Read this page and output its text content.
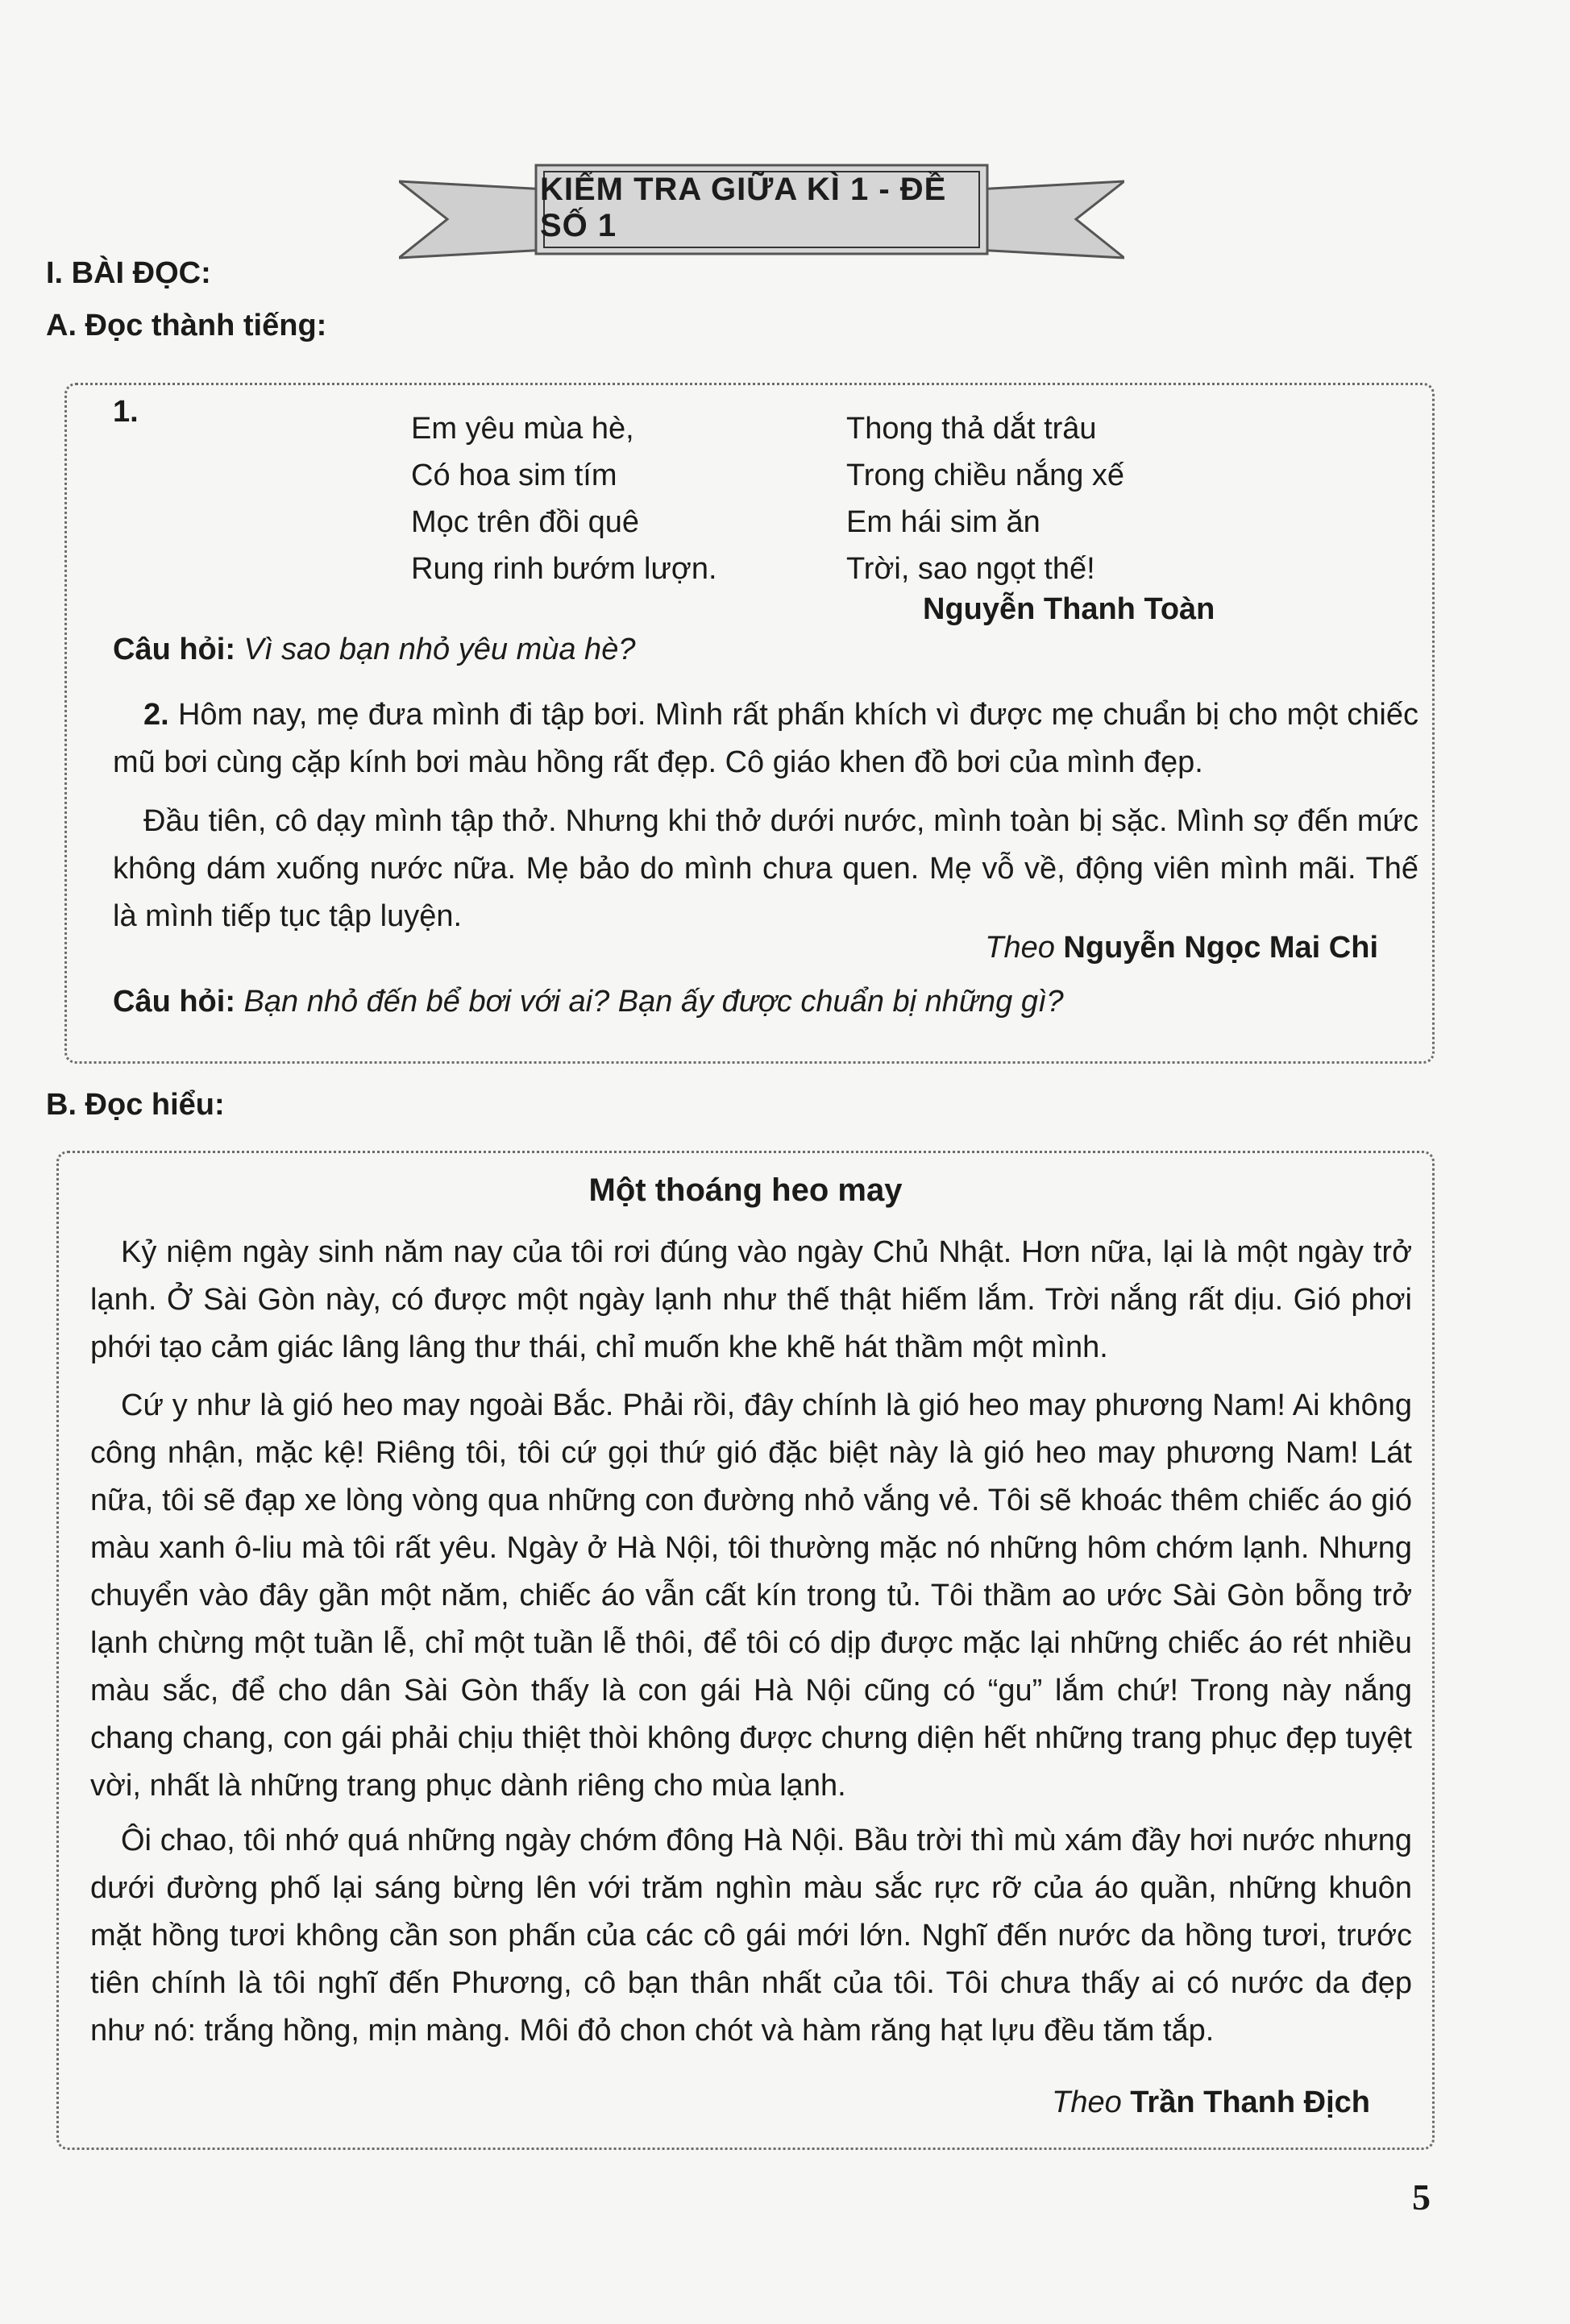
KIỂM TRA GIỮA KÌ 1 - ĐỀ SỐ 1
I. BÀI ĐỌC:
A. Đọc thành tiếng:
1.	Em yêu mùa hè,
Có hoa sim tím
Mọc trên đồi quê
Rung rinh bướm lượn.
Thong thả dắt trâu
Trong chiều nắng xế
Em hái sim ăn
Trời, sao ngọt thế!
Nguyễn Thanh Toàn
Câu hỏi: Vì sao bạn nhỏ yêu mùa hè?

2. Hôm nay, mẹ đưa mình đi tập bơi. Mình rất phấn khích vì được mẹ chuẩn bị cho một chiếc mũ bơi cùng cặp kính bơi màu hồng rất đẹp. Cô giáo khen đồ bơi của mình đẹp.

Đầu tiên, cô dạy mình tập thở. Nhưng khi thở dưới nước, mình toàn bị sặc. Mình sợ đến mức không dám xuống nước nữa. Mẹ bảo do mình chưa quen. Mẹ vỗ về, động viên mình mãi. Thế là mình tiếp tục tập luyện.

Theo Nguyễn Ngọc Mai Chi
Câu hỏi: Bạn nhỏ đến bể bơi với ai? Bạn ấy được chuẩn bị những gì?
B. Đọc hiểu:
Một thoáng heo may

Kỷ niệm ngày sinh năm nay của tôi rơi đúng vào ngày Chủ Nhật. Hơn nữa, lại là một ngày trở lạnh. Ở Sài Gòn này, có được một ngày lạnh như thế thật hiếm lắm. Trời nắng rất dịu. Gió phơi phới tạo cảm giác lâng lâng thư thái, chỉ muốn khe khẽ hát thầm một mình.

Cứ y như là gió heo may ngoài Bắc. Phải rồi, đây chính là gió heo may phương Nam! Ai không công nhận, mặc kệ! Riêng tôi, tôi cứ gọi thứ gió đặc biệt này là gió heo may phương Nam! Lát nữa, tôi sẽ đạp xe lòng vòng qua những con đường nhỏ vắng vẻ. Tôi sẽ khoác thêm chiếc áo gió màu xanh ô-liu mà tôi rất yêu. Ngày ở Hà Nội, tôi thường mặc nó những hôm chớm lạnh. Nhưng chuyển vào đây gần một năm, chiếc áo vẫn cất kín trong tủ. Tôi thầm ao ước Sài Gòn bỗng trở lạnh chừng một tuần lễ, chỉ một tuần lễ thôi, để tôi có dịp được mặc lại những chiếc áo rét nhiều màu sắc, để cho dân Sài Gòn thấy là con gái Hà Nội cũng có “gu” lắm chứ! Trong này nắng chang chang, con gái phải chịu thiệt thòi không được chưng diện hết những trang phục đẹp tuyệt vời, nhất là những trang phục dành riêng cho mùa lạnh.

Ôi chao, tôi nhớ quá những ngày chớm đông Hà Nội. Bầu trời thì mù xám đầy hơi nước nhưng dưới đường phố lại sáng bừng lên với trăm nghìn màu sắc rực rỡ của áo quần, những khuôn mặt hồng tươi không cần son phấn của các cô gái mới lớn. Nghĩ đến nước da hồng tươi, trước tiên chính là tôi nghĩ đến Phương, cô bạn thân nhất của tôi. Tôi chưa thấy ai có nước da đẹp như nó: trắng hồng, mịn màng. Môi đỏ chon chót và hàm răng hạt lựu đều tăm tắp.

Theo Trần Thanh Địch
5
